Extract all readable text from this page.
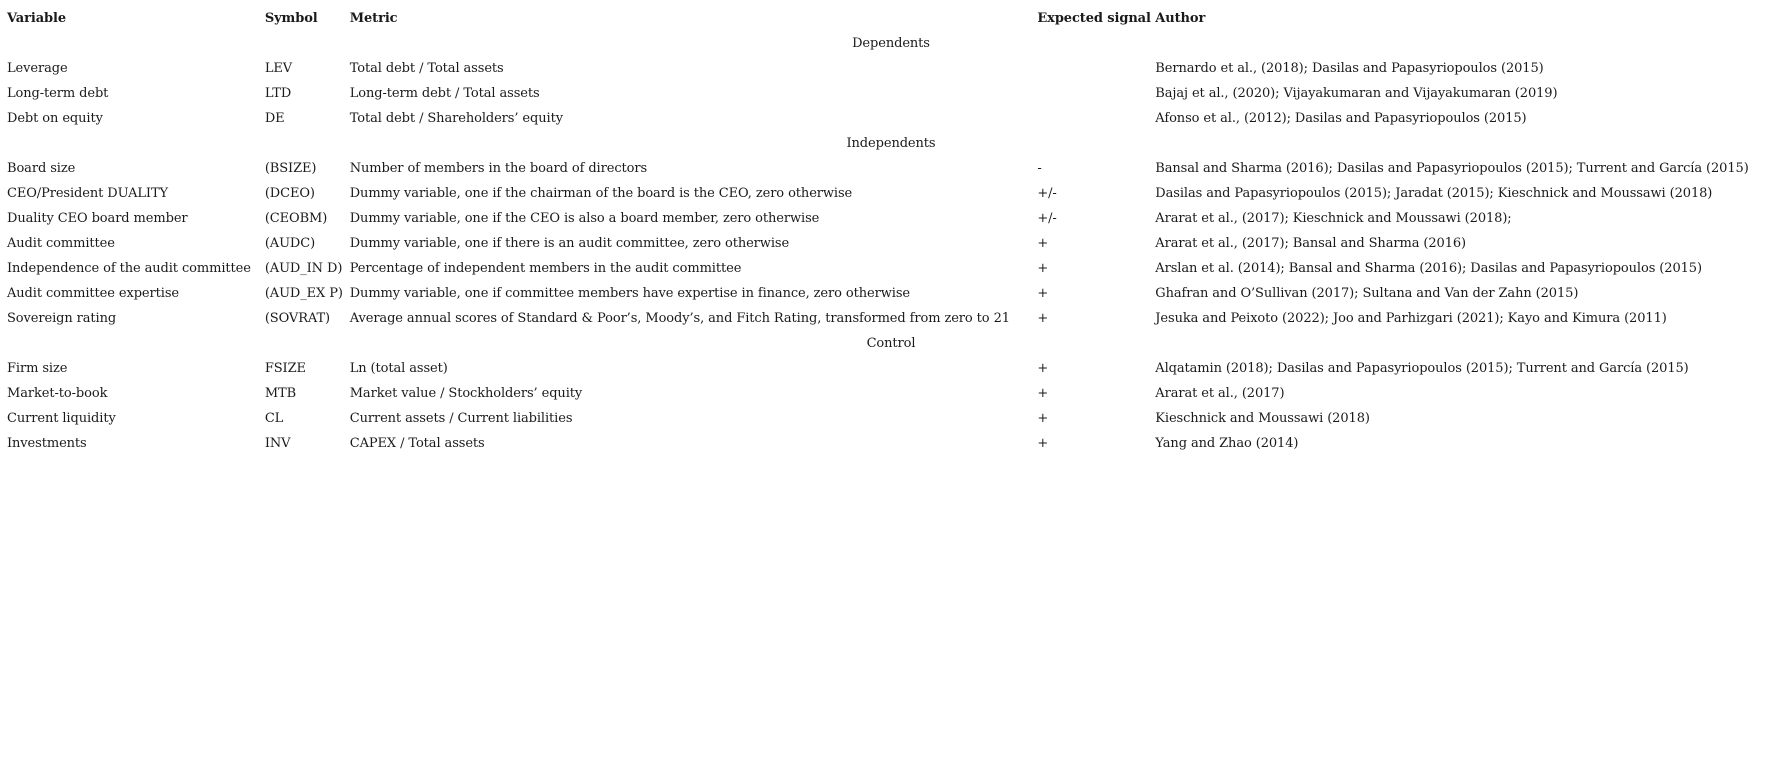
Variable	Symbol	Metric	Expected signal	Author
Dependents				
Leverage	LEV	Total debt / Total assets		Bernardo et al., (2018); Dasilas and Papasyriopoulos (2015)
Long-term debt	LTD	Long-term debt / Total assets		Bajaj et al., (2020); Vijayakumaran and Vijayakumaran (2019)
Debt on equity	DE	Total debt / Shareholders’ equity		Afonso et al., (2012); Dasilas and Papasyriopoulos (2015)
Independents				
Board size	(BSIZE)	Number of members in the board of directors	-	Bansal and Sharma (2016); Dasilas and Papasyriopoulos (2015); Turrent and García (2015)
CEO/President DUALITY	(DCEO)	Dummy variable, one if the chairman of the board is the CEO, zero otherwise	+/-	Dasilas and Papasyriopoulos (2015); Jaradat (2015); Kieschnick and Moussawi (2018)
Duality CEO board member	(CEOBM)	Dummy variable, one if the CEO is also a board member, zero otherwise	+/-	Ararat et al., (2017); Kieschnick and Moussawi (2018);
Audit committee	(AUDC)	Dummy variable, one if there is an audit committee, zero otherwise	+	Ararat et al., (2017); Bansal and Sharma (2016)
Independence of the audit committee	(AUD_IN D)	Percentage of independent members in the audit committee	+	Arslan et al. (2014); Bansal and Sharma (2016); Dasilas and Papasyriopoulos (2015)
Audit committee expertise	(AUD_EX P)	Dummy variable, one if committee members have expertise in finance, zero otherwise	+	Ghafran and O’Sullivan (2017); Sultana and Van der Zahn (2015)
Sovereign rating	(SOVRAT)	Average annual scores of Standard & Poor’s, Moody’s, and Fitch Rating, transformed from zero to 21	+	Jesuka and Peixoto (2022); Joo and Parhizgari (2021); Kayo and Kimura (2011)
Control				
Firm size	FSIZE	Ln (total asset)	+	Alqatamin (2018); Dasilas and Papasyriopoulos (2015); Turrent and García (2015)
Market-to-book	MTB	Market value / Stockholders’ equity	+	Ararat et al., (2017)
Current liquidity	CL	Current assets / Current liabilities	+	Kieschnick and Moussawi (2018)
Investments	INV	CAPEX / Total assets	+	Yang and Zhao (2014)
